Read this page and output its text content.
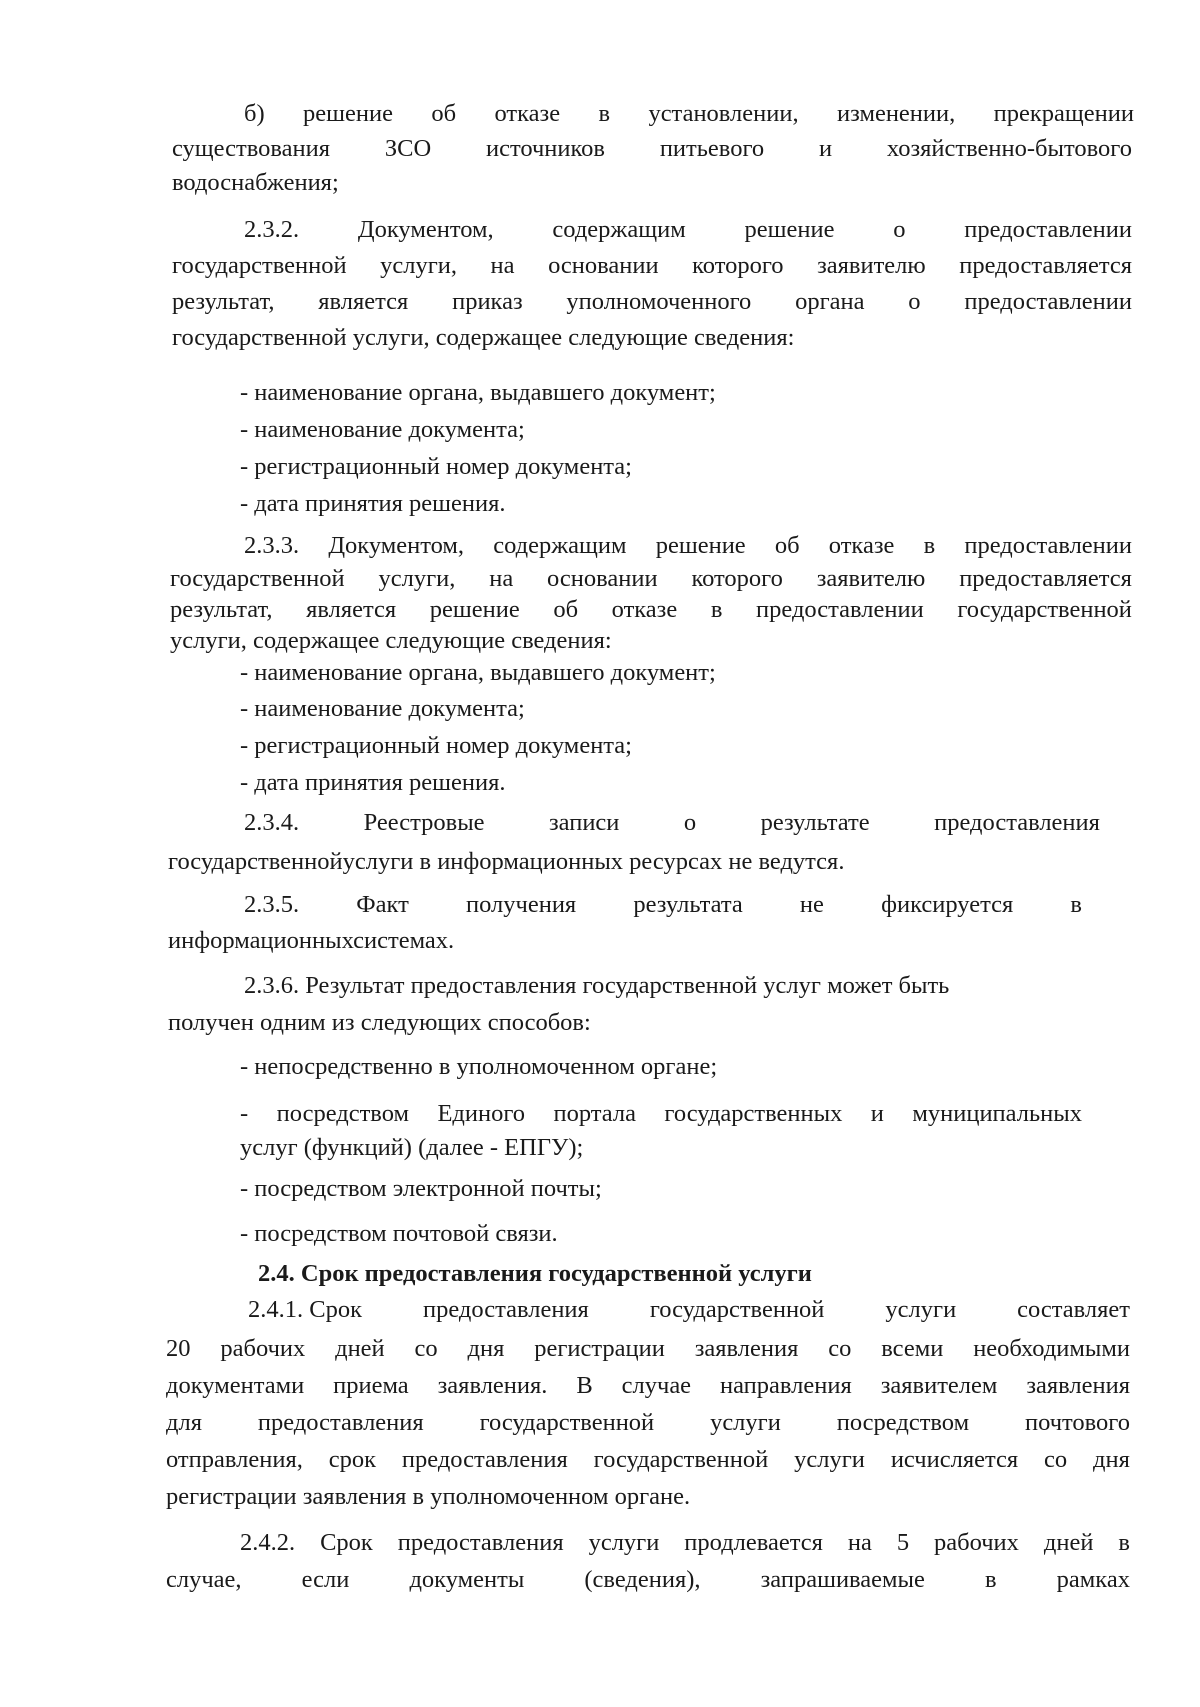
б) решение об отказе в установлении, изменении, прекращении
существования ЗСО источников питьевого и хозяйственно-бытового
водоснабжения;
2.3.2. Документом, содержащим решение о предоставлении
государственной услуги, на основании которого заявителю предоставляется
результат, является приказ уполномоченного органа о предоставлении
государственной услуги, содержащее следующие сведения:
- наименование органа, выдавшего документ;
- наименование документа;
- регистрационный номер документа;
- дата принятия решения.
2.3.3. Документом, содержащим решение об отказе в предоставлении
государственной услуги, на основании которого заявителю предоставляется
результат, является решение об отказе в предоставлении государственной
услуги, содержащее следующие сведения:
- наименование органа, выдавшего документ;
- наименование документа;
- регистрационный номер документа;
- дата принятия решения.
2.3.4.	Реестровые	записи	о	результате	предоставления
государственнойуслуги в информационных ресурсах не ведутся.
2.3.5. Факт получения результата не фиксируется в
информационныхсистемах.
2.3.6. Результат предоставления государственной услуг может быть
получен одним из следующих способов:
- непосредственно в уполномоченном органе;
- посредством Единого портала государственных и муниципальных
услуг (функций) (далее - ЕПГУ);
- посредством электронной почты;
- посредством почтовой связи.
2.4. Срок предоставления государственной услуги
2.4.1. Срок предоставления государственной услуги составляет
20 рабочих дней со дня регистрации заявления со всеми необходимыми
документами приема заявления. В случае направления заявителем заявления
для предоставления государственной услуги посредством почтового
отправления, срок предоставления государственной услуги исчисляется со дня
регистрации заявления в уполномоченном органе.
2.4.2. Срок предоставления услуги продлевается на 5 рабочих дней в
случае, если документы (сведения), запрашиваемые в рамках
